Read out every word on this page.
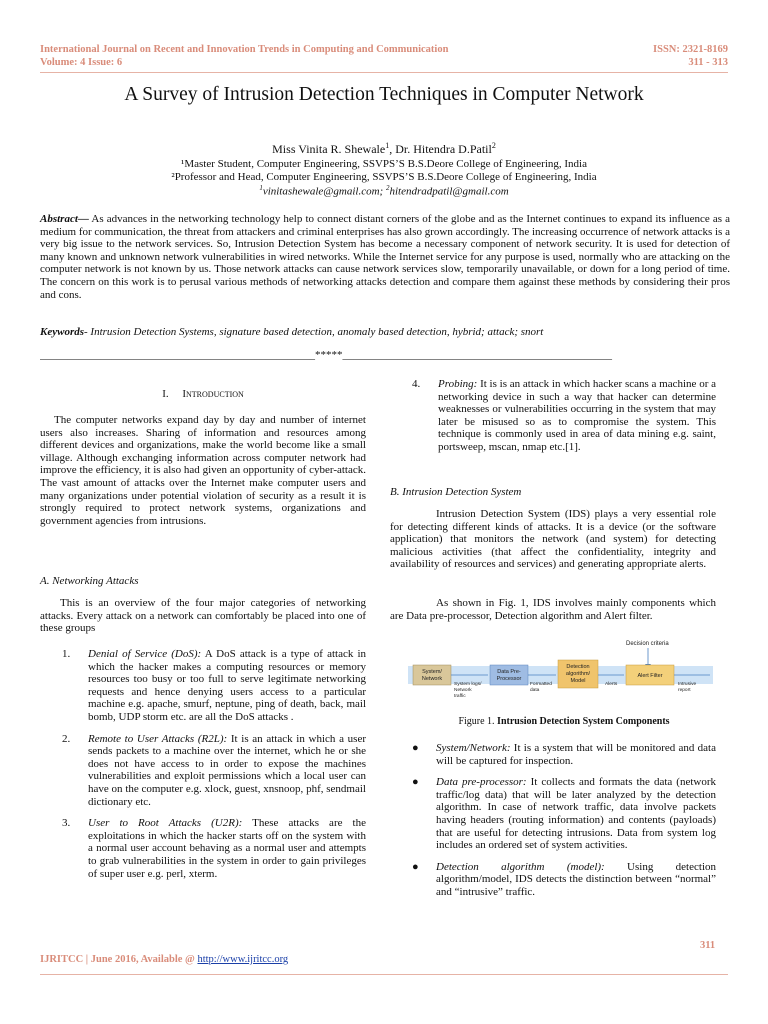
International Journal on Recent and Innovation Trends in Computing and Communication
Volume: 4 Issue: 6
ISSN: 2321-8169
311 - 313
A Survey of Intrusion Detection Techniques in Computer Network
Miss Vinita R. Shewale$^1$, Dr. Hitendra D.Patil$^2$
¹Master Student, Computer Engineering, SSVPS’S B.S.Deore College of Engineering, India
²Professor and Head, Computer Engineering, SSVPS’S B.S.Deore College of Engineering, India
$^1$vinitashewale@gmail.com; $^2$hitendradpatil@gmail.com
Abstract— As advances in the networking technology help to connect distant corners of the globe and as the Internet continues to expand its influence as a medium for communication, the threat from attackers and criminal enterprises has also grown accordingly. The increasing occurrence of network attacks is a very big issue to the network services. So, Intrusion Detection System has become a necessary component of network security. It is used for detection of many known and unknown network vulnerabilities in wired networks. While the Internet service for any purpose is used, normally who are attacking on the computer network is not known by us. Those network attacks can cause network services slow, temporarily unavailable, or down for a long period of time. The concern on this work is to perusal various methods of networking attacks detection and compare them against these methods by considering their pros and cons.
Keywords- Intrusion Detection Systems, signature based detection, anomaly based detection, hybrid; attack; snort
__________________________________________________*****_________________________________________________
I. Introduction
The computer networks expand day by day and number of internet users also increases. Sharing of information and resources among different devices and organizations, make the world become like a small village. Although exchanging information across computer network had improve the efficiency, it is also had given an opportunity of cyber-attack. The vast amount of attacks over the Internet make computer users and many organizations under potential violation of security as a result it is strongly required to protect network systems, organizations and government agencies from intrusions.
A. Networking Attacks
This is an overview of the four major categories of networking attacks. Every attack on a network can comfortably be placed into one of these groups
1. Denial of Service (DoS): A DoS attack is a type of attack in which the hacker makes a computing resources or memory resources too busy or too full to serve legitimate networking requests and hence denying users access to a particular machine e.g. apache, smurf, neptune, ping of death, back, mail bomb, UDP storm etc. are all the DoS attacks .
2. Remote to User Attacks (R2L): It is an attack in which a user sends packets to a machine over the internet, which he or she does not have access to in order to expose the machines vulnerabilities and exploit permissions which a local user can have on the computer e.g. xlock, guest, xnsnoop, phf, sendmail dictionary etc.
3. User to Root Attacks (U2R): These attacks are the exploitations in which the hacker starts off on the system with a normal user account behaving as a normal user and attempts to grab vulnerabilities in the system in order to gain privileges of super user e.g. perl, xterm.
4. Probing: It is is an attack in which hacker scans a machine or a networking device in such a way that hacker can determine weaknesses or vulnerabilities occurring in the system that may later be misused so as to compromise the system. This technique is commonly used in area of data mining e.g. saint, portsweep, mscan, nmap etc.[1].
B. Intrusion Detection System
Intrusion Detection System (IDS) plays a very essential role for detecting different kinds of attacks. It is a device (or the software application) that monitors the network (and system) for detecting malicious activities (that affect the confidentiality, integrity and availability of resources and services) and generating appropriate alerts.
As shown in Fig. 1, IDS involves mainly components which are Data pre-processor, Detection algorithm and Alert filter.
Decision criteria
System/
Network
Data Pre-
Processor
Detection
algorithm/
Model
Alert Filter
System logs/
Network
traffic
Formatted
data
Alerts	Intrusive
report
Figure 1. Intrusion Detection System Components
● System/Network: It is a system that will be monitored and data will be captured for inspection.
● Data pre-processor: It collects and formats the data (network traffic/log data) that will be later analyzed by the detection algorithm. In case of network traffic, data involve packets having headers (routing information) and contents (payloads) that are useful for detecting intrusions. Data from system log includes an ordered set of system activities.
● Detection algorithm (model): Using detection algorithm/model, IDS detects the distinction between “normal” and “intrusive” traffic.
311
IJRITCC | June 2016, Available @ http://www.ijritcc.org
